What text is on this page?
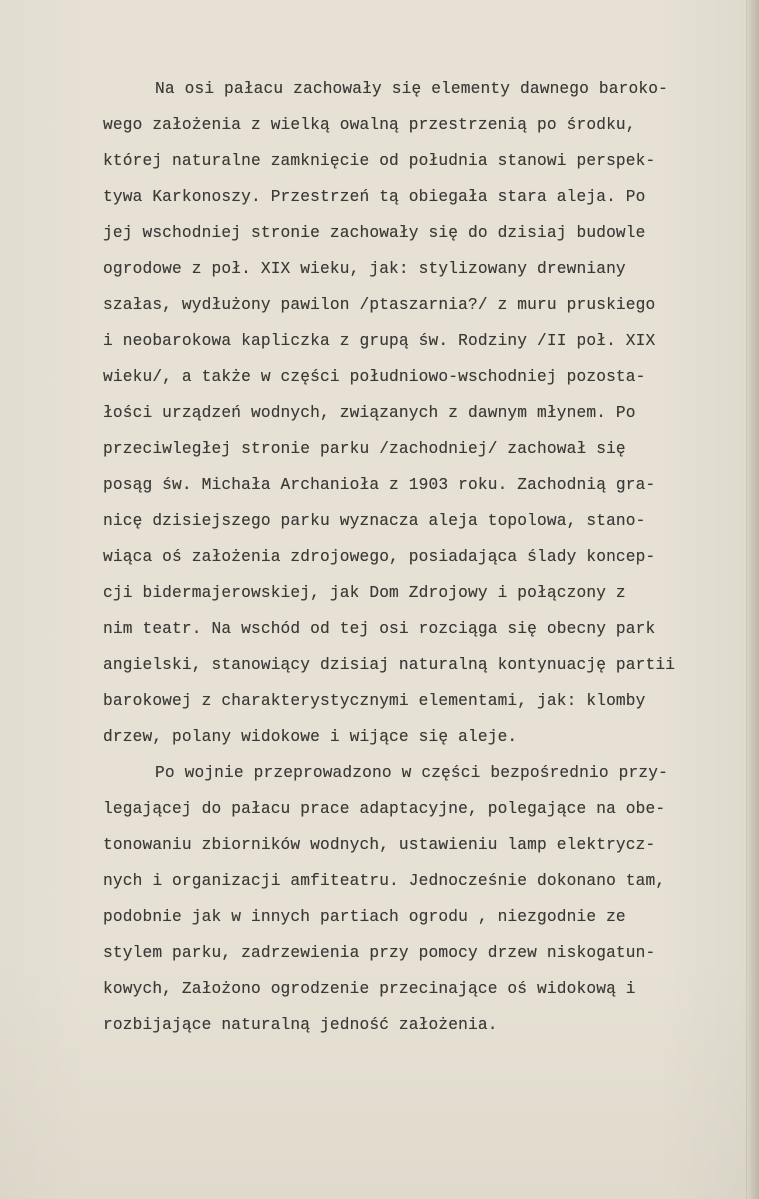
Na osi pałacu zachowały się elementy dawnego baroko-
wego założenia z wielką owalną przestrzenią po środku,
której naturalne zamknięcie od południa stanowi perspek-
tywa Karkonoszy. Przestrzeń tą obiegała stara aleja. Po
jej wschodniej stronie zachowały się do dzisiaj budowle
ogrodowe z poł. XIX wieku, jak: stylizowany drewniany
szałas, wydłużony pawilon /ptaszarnia?/ z muru pruskiego
i neobarokowa kapliczka z grupą św. Rodziny /II poł. XIX
wieku/, a także w części południowo-wschodniej pozosta-
łości urządzeń wodnych, związanych z dawnym młynem. Po
przeciwległej stronie parku /zachodniej/ zachował się
posąg św. Michała Archanioła z 1903 roku. Zachodnią gra-
nicę dzisiejszego parku wyznacza aleja topolowa, stano-
wiąca oś założenia zdrojowego, posiadająca ślady koncep-
cji bidermajerowskiej, jak Dom Zdrojowy i połączony z
nim teatr. Na wschód od tej osi rozciąga się obecny park
angielski, stanowiący dzisiaj naturalną kontynuację partii
barokowej z charakterystycznymi elementami, jak: klomby
drzew, polany widokowe i wijące się aleje.
Po wojnie przeprowadzono w części bezpośrednio przy-
legającej do pałacu prace adaptacyjne, polegające na obe-
tonowaniu zbiorników wodnych, ustawieniu lamp elektrycz-
nych i organizacji amfiteatru. Jednocześnie dokonano tam,
podobnie jak w innych partiach ogrodu , niezgodnie ze
stylem parku, zadrzewienia przy pomocy drzew niskogatun-
kowych, Założono ogrodzenie przecinające oś widokową i
rozbijające naturalną jedność założenia.
